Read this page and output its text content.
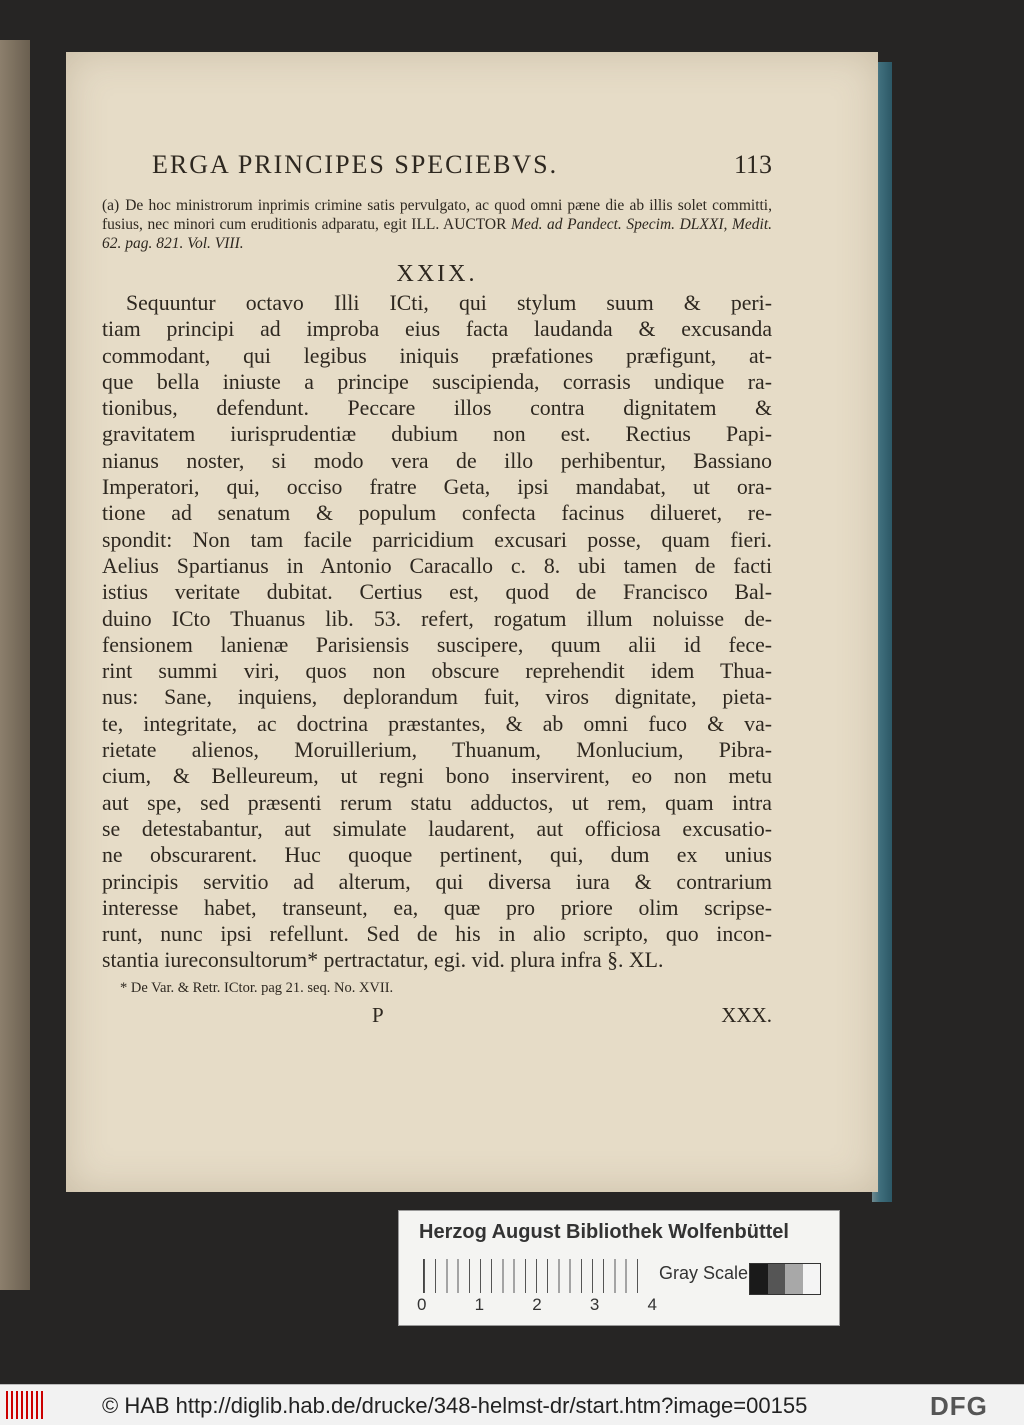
ERGA PRINCIPES SPECIEBVS.	113
(a) De hoc ministrorum inprimis crimine satis pervulgato, ac quod omni pæne die ab illis solet committi, fusius, nec minori cum eruditionis adparatu, egit ILL. AUCTOR Med. ad Pandect. Specim. DLXXI, Medit. 62. pag. 821. Vol. VIII.
XXIX.
Sequuntur octavo Illi ICti, qui stylum suum & peri-
tiam principi ad improba eius facta laudanda & excusanda
commodant, qui legibus iniquis præfationes præfigunt, at-
que bella iniuste a principe suscipienda, corrasis undique ra-
tionibus, defendunt. Peccare illos contra dignitatem &
gravitatem iurisprudentiæ dubium non est. Rectius Papi-
nianus noster, si modo vera de illo perhibentur, Bassiano
Imperatori, qui, occiso fratre Geta, ipsi mandabat, ut ora-
tione ad senatum & populum confecta facinus dilueret, re-
spondit: Non tam facile parricidium excusari posse, quam fieri.
Aelius Spartianus in Antonio Caracallo c. 8. ubi tamen de facti
istius veritate dubitat. Certius est, quod de Francisco Bal-
duino ICto Thuanus lib. 53. refert, rogatum illum noluisse de-
fensionem lanienæ Parisiensis suscipere, quum alii id fece-
rint summi viri, quos non obscure reprehendit idem Thua-
nus: Sane, inquiens, deplorandum fuit, viros dignitate, pieta-
te, integritate, ac doctrina præstantes, & ab omni fuco & va-
rietate alienos, Moruillerium, Thuanum, Monlucium, Pibra-
cium, & Belleureum, ut regni bono inservirent, eo non metu
aut spe, sed præsenti rerum statu adductos, ut rem, quam intra
se detestabantur, aut simulate laudarent, aut officiosa excusatio-
ne obscurarent. Huc quoque pertinent, qui, dum ex unius
principis servitio ad alterum, qui diversa iura & contrarium
interesse habet, transeunt, ea, quæ pro priore olim scripse-
runt, nunc ipsi refellunt. Sed de his in alio scripto, quo incon-
stantia iureconsultorum* pertractatur, egi. vid. plura infra §. XL.
* De Var. & Retr. ICtor. pag 21. seq. No. XVII.
P	XXX.
Herzog August Bibliothek Wolfenbüttel
0	1	2	3	4
Gray Scale
© HAB http://diglib.hab.de/drucke/348-helmst-dr/start.htm?image=00155	DFG
